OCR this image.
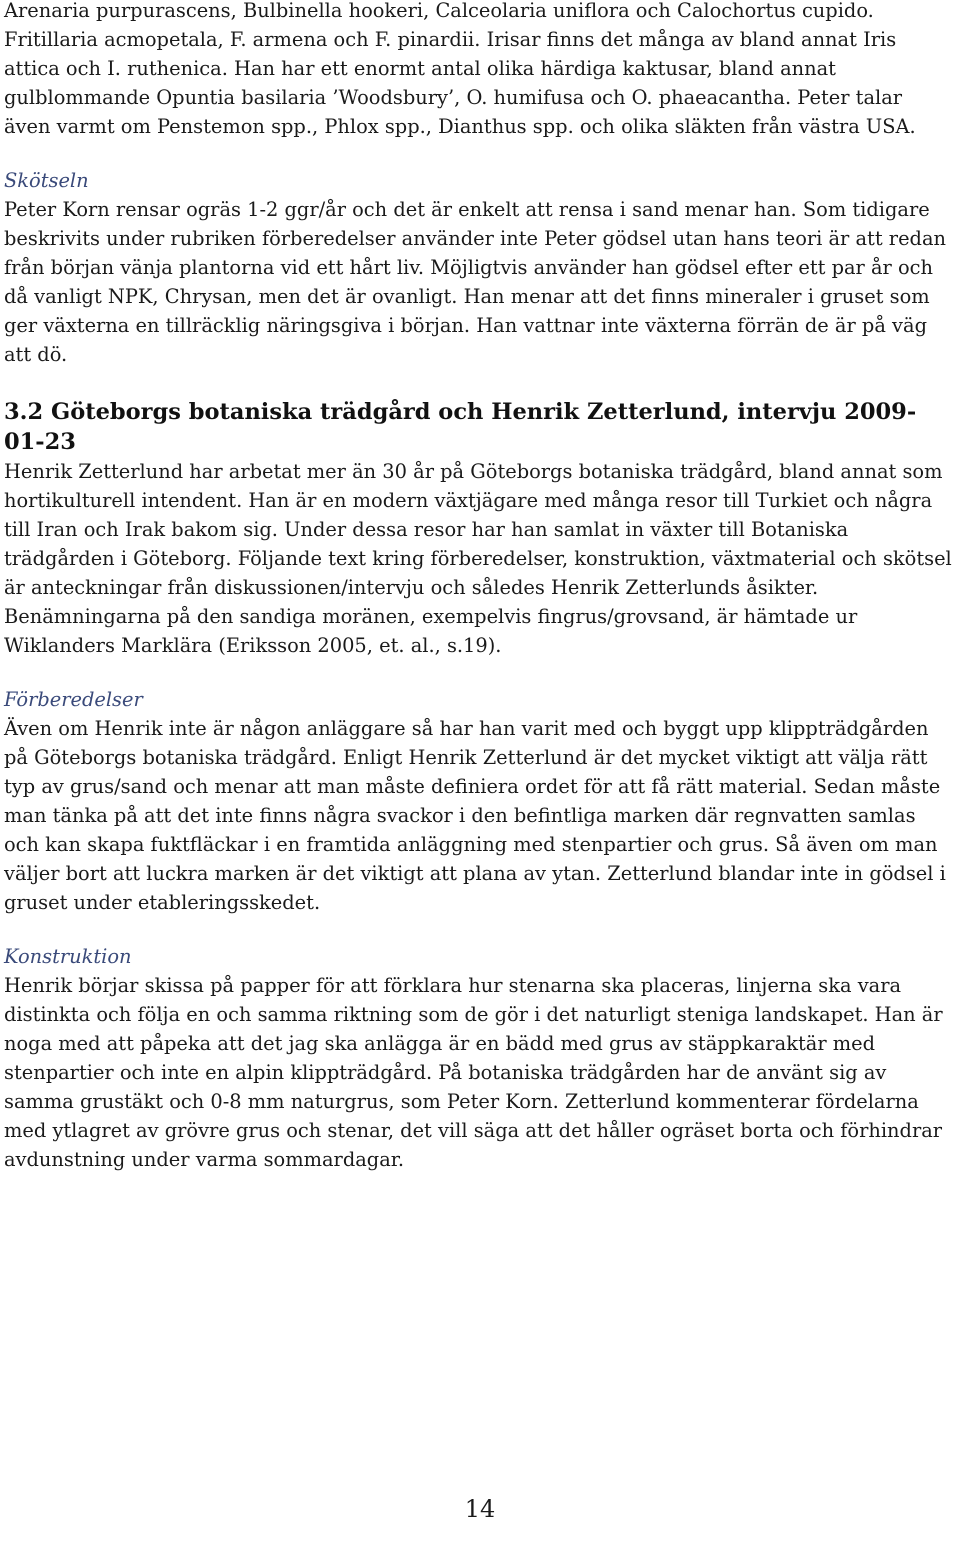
Arenaria purpurascens, Bulbinella hookeri, Calceolaria uniflora och Calochortus cupido. Fritillaria acmopetala, F. armena och F. pinardii. Irisar finns det många av bland annat Iris attica och I. ruthenica. Han har ett enormt antal olika härdiga kaktusar, bland annat gulblommande Opuntia basilaria ’Woodsbury’, O. humifusa och O. phaeacantha. Peter talar även varmt om Penstemon spp., Phlox spp., Dianthus spp. och olika släkten från västra USA.

Skötseln

Peter Korn rensar ogräs 1-2 ggr/år och det är enkelt att rensa i sand menar han. Som tidigare beskrivits under rubriken förberedelser använder inte Peter gödsel utan hans teori är att redan från början vänja plantorna vid ett hårt liv. Möjligtvis använder han gödsel efter ett par år och då vanligt NPK, Chrysan, men det är ovanligt. Han menar att det finns mineraler i gruset som ger växterna en tillräcklig näringsgiva i början. Han vattnar inte växterna förrän de är på väg att dö.

3.2 Göteborgs botaniska trädgård och Henrik Zetterlund, intervju 2009-01-23

Henrik Zetterlund har arbetat mer än 30 år på Göteborgs botaniska trädgård, bland annat som hortikulturell intendent. Han är en modern växtjägare med många resor till Turkiet och några till Iran och Irak bakom sig. Under dessa resor har han samlat in växter till Botaniska trädgården i Göteborg. Följande text kring förberedelser, konstruktion, växtmaterial och skötsel är anteckningar från diskussionen/intervju och således Henrik Zetterlunds åsikter. Benämningarna på den sandiga moränen, exempelvis fingrus/grovsand, är hämtade ur Wiklanders Marklära (Eriksson 2005, et. al., s.19).

Förberedelser

Även om Henrik inte är någon anläggare så har han varit med och byggt upp klippträdgården på Göteborgs botaniska trädgård. Enligt Henrik Zetterlund är det mycket viktigt att välja rätt typ av grus/sand och menar att man måste definiera ordet för att få rätt material. Sedan måste man tänka på att det inte finns några svackor i den befintliga marken där regnvatten samlas och kan skapa fuktfläckar i en framtida anläggning med stenpartier och grus. Så även om man väljer bort att luckra marken är det viktigt att plana av ytan. Zetterlund blandar inte in gödsel i gruset under etableringsskedet.

Konstruktion

Henrik börjar skissa på papper för att förklara hur stenarna ska placeras, linjerna ska vara distinkta och följa en och samma riktning som de gör i det naturligt steniga landskapet. Han är noga med att påpeka att det jag ska anlägga är en bädd med grus av stäppkaraktär med stenpartier och inte en alpin klippträdgård. På botaniska trädgården har de använt sig av samma grustäkt och 0-8 mm naturgrus, som Peter Korn. Zetterlund kommenterar fördelarna med ytlagret av grövre grus och stenar, det vill säga att det håller ogräset borta och förhindrar avdunstning under varma sommardagar.

14
